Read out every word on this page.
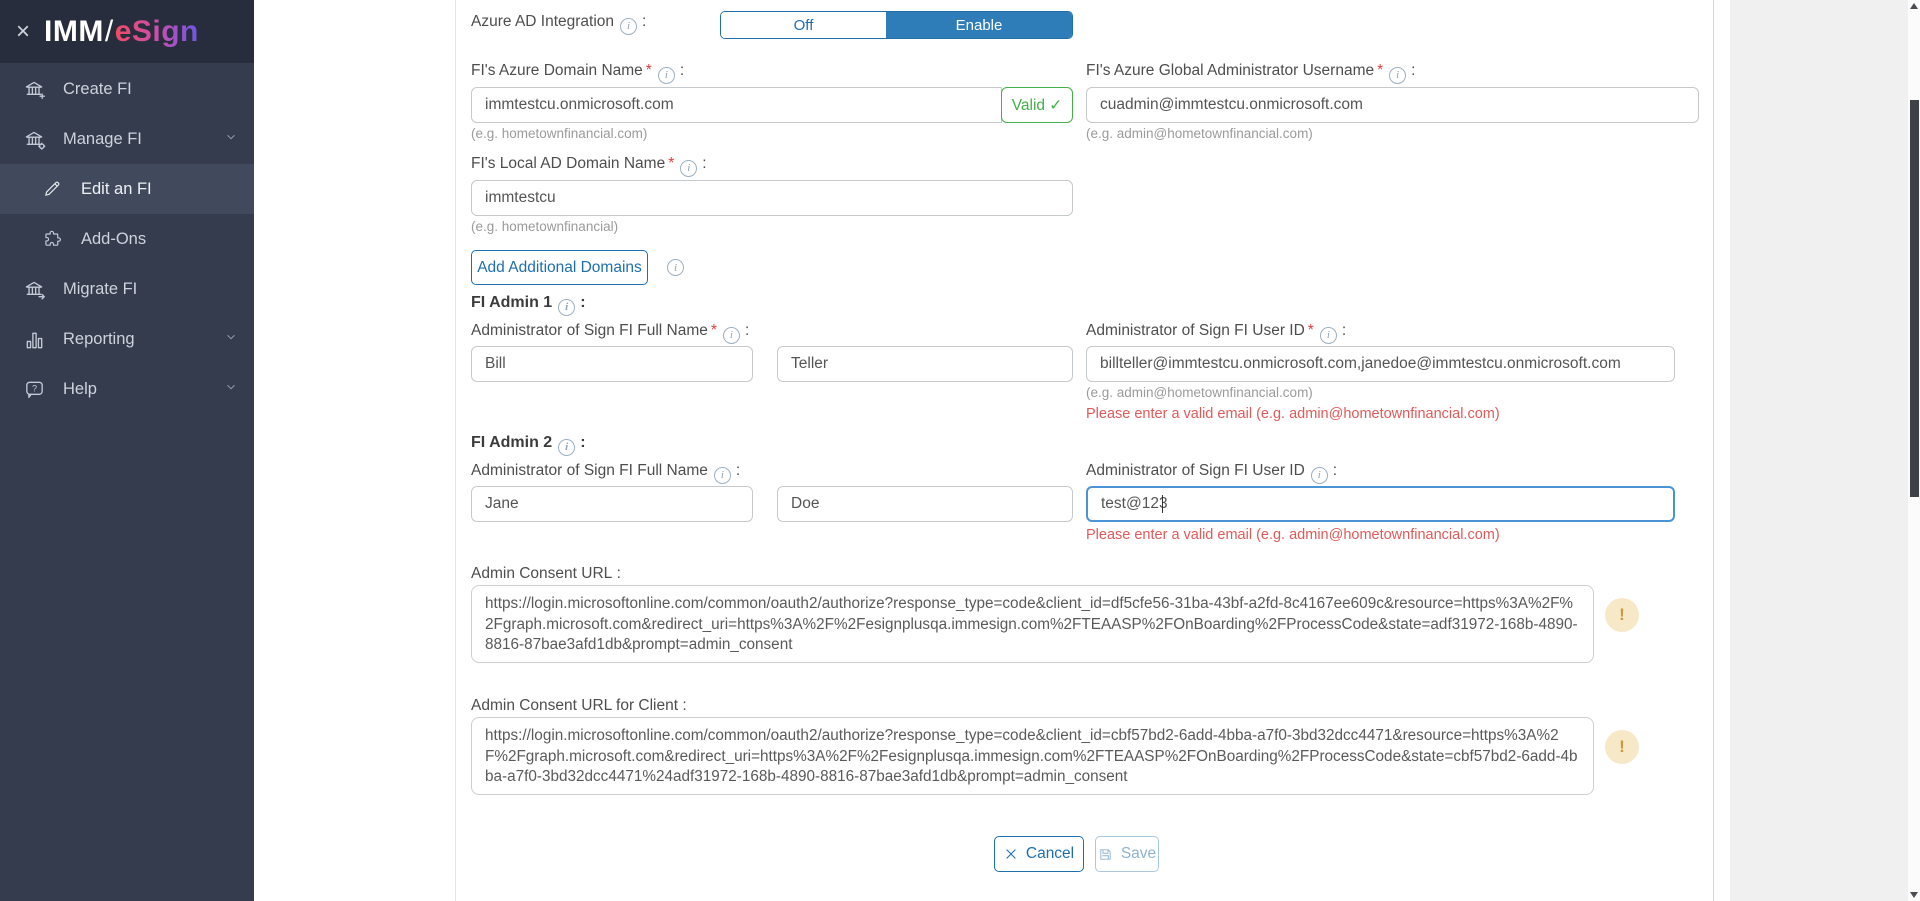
× IMM/eSign
Create FI
Manage FI
Edit an FI
Add-Ons
Migrate FI
Reporting
? Help
Azure AD Integration i :	Off	Enable
FI's Azure Domain Name * i :	FI's Azure Global Administrator Username * i :
immtestcu.onmicrosoft.com
Valid ✓
cuadmin@immtestcu.onmicrosoft.com
(e.g. hometownfinancial.com)	(e.g. admin@hometownfinancial.com)
FI's Local AD Domain Name * i :
immtestcu
(e.g. hometownfinancial)
Add Additional Domains	i
FI Admin 1 i :
Administrator of Sign FI Full Name * i :	Administrator of Sign FI User ID * i :
Bill
Teller
billteller@immtestcu.onmicrosoft.com,janedoe@immtestcu.onmicrosoft.com
(e.g. admin@hometownfinancial.com)
Please enter a valid email (e.g. admin@hometownfinancial.com)
FI Admin 2 i :
Administrator of Sign FI Full Name i :	Administrator of Sign FI User ID i :
Jane
Doe
test@123
Please enter a valid email (e.g. admin@hometownfinancial.com)
Admin Consent URL :
https://login.microsoftonline.com/common/oauth2/authorize?response_type=code&client_id=df5cfe56-31ba-43bf-a2fd-8c4167ee609c&resource=https%3A%2F%2Fgraph.microsoft.com&redirect_uri=https%3A%2F%2Fesignplusqa.immesign.com%2FTEAASP%2FOnBoarding%2FProcessCode&state=adf31972-168b-4890-8816-87bae3afd1db&prompt=admin_consent
!
Admin Consent URL for Client :
https://login.microsoftonline.com/common/oauth2/authorize?response_type=code&client_id=cbf57bd2-6add-4bba-a7f0-3bd32dcc4471&resource=https%3A%2F%2Fgraph.microsoft.com&redirect_uri=https%3A%2F%2Fesignplusqa.immesign.com%2FTEAASP%2FOnBoarding%2FProcessCode&state=cbf57bd2-6add-4bba-a7f0-3bd32dcc4471%24adf31972-168b-4890-8816-87bae3afd1db&prompt=admin_consent
!
Cancel	Save
